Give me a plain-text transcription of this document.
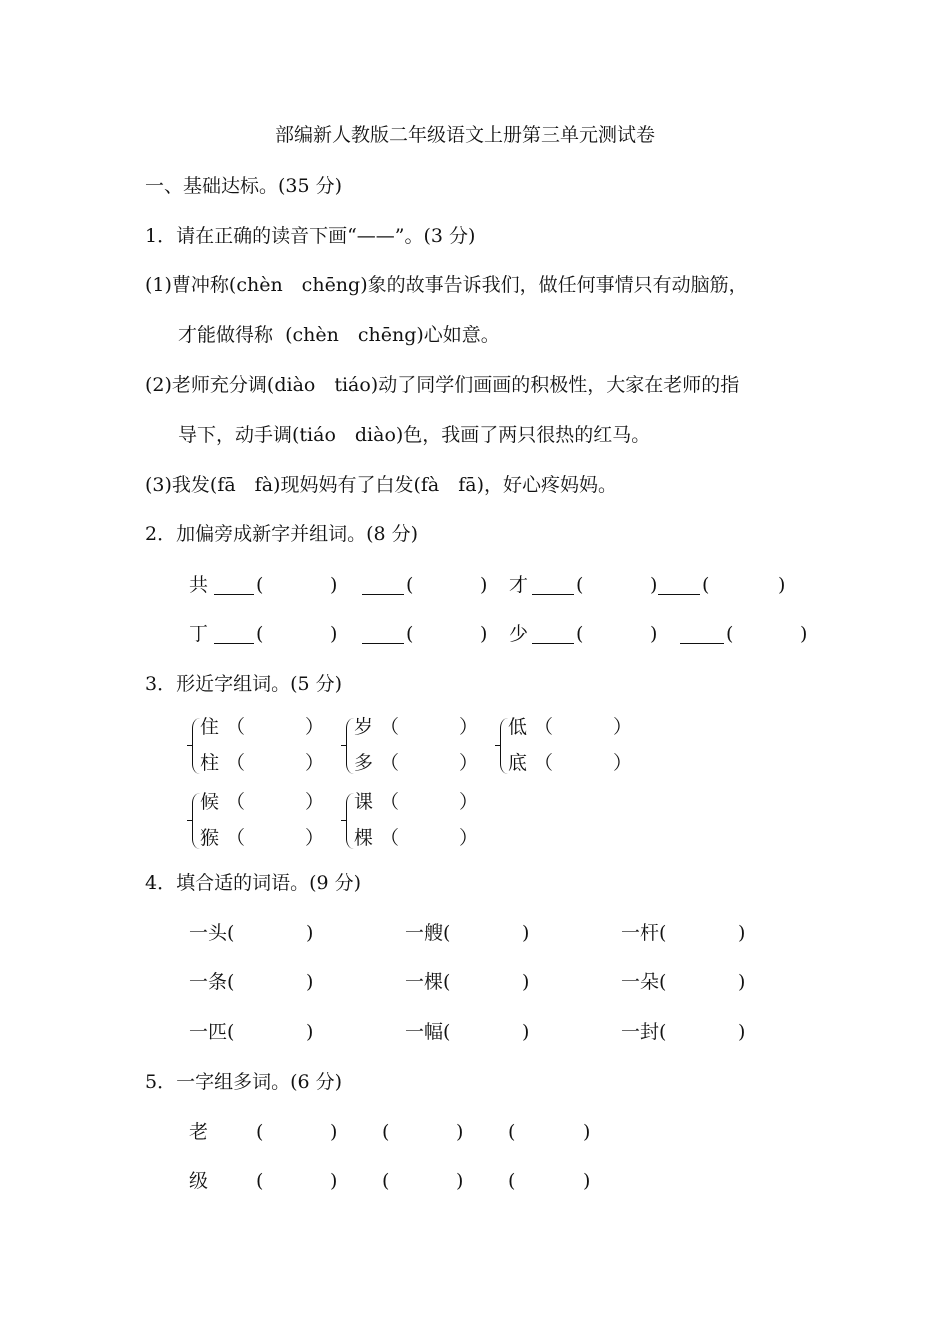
部编新人教版二年级语文上册第三单元测试卷
一、基础达标。(35 分)
1．请在正确的读音下画“——”。(3 分)
(1)曹冲称(chèn　chēng)象的故事告诉我们，做任何事情只有动脑筋，
才能做得称  (chèn　chēng)心如意。
(2)老师充分调(diào　tiáo)动了同学们画画的积极性，大家在老师的指
导下，动手调(tiáo　diào)色，我画了两只很热的红马。
(3)我发(fā　fà)现妈妈有了白发(fà　fā)，好心疼妈妈。
2．加偏旁成新字并组词。(8 分)
共	(	)	(	) 才	(	) (	)
丁	(	)	(	) 少	(	)	(	)
3．形近字组词。(5 分)
住 （	）
柱 （	）
岁 （	）
多 （	）
低 （	）
底 （	）
候 （	）
猴 （	）
课 （	）
棵 （	）
4．填合适的词语。(9 分)
一头(	)	一艘(	)	一杆(	)
一条(	)	一棵(	)	一朵(	)
一匹(	)	一幅(	)	一封(	)
5．一字组多词。(6 分)
老	(	) (	) (	)
级	(	) (	) (	)
